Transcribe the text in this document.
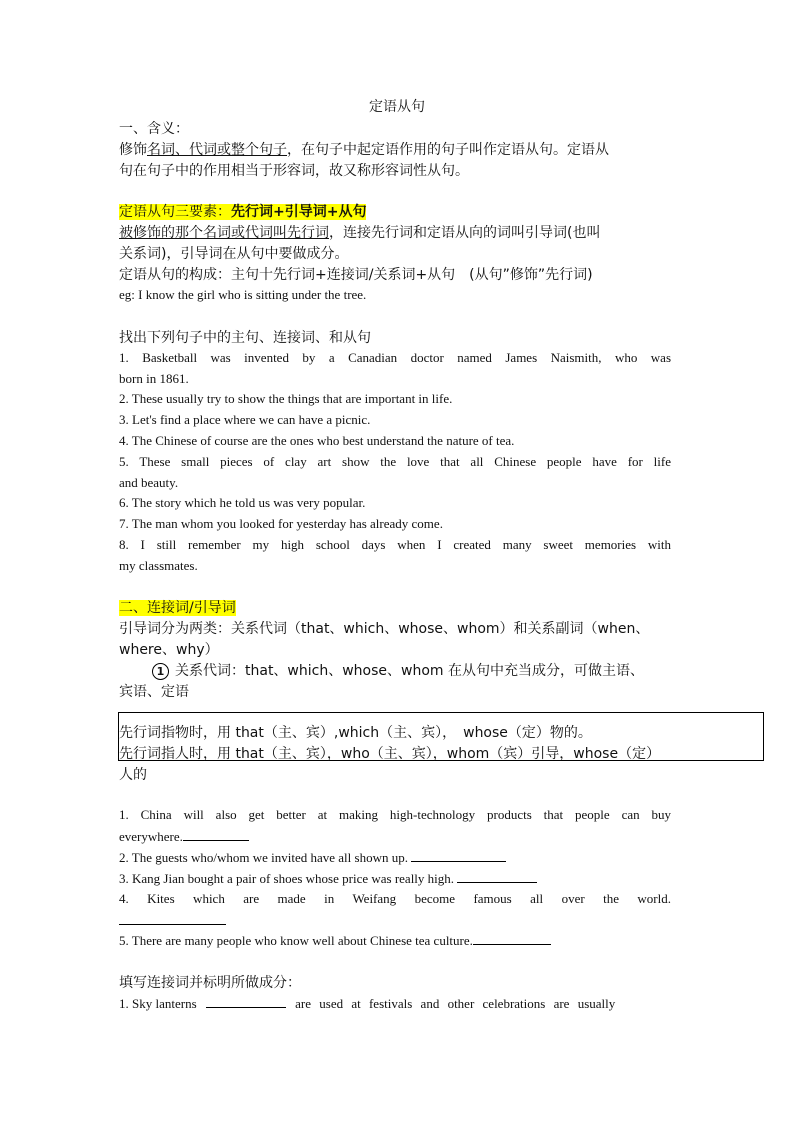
定语从句
一、含义：
修饰名词、代词或整个句子，在句子中起定语作用的句子叫作定语从句。定语从
句在句子中的作用相当于形容词，故又称形容词性从句。
定语从句三要素：先行词+引导词+从句
被修饰的那个名词或代词叫先行词，连接先行词和定语从向的词叫引导词(也叫
关系词)，引导词在从句中要做成分。
定语从句的构成：主句十先行词+连接词/关系词+从句　(从句”修饰”先行词)
eg: I know the girl who is sitting under the tree.
找出下列句子中的主句、连接词、和从句
1. Basketball was invented by a Canadian doctor named James Naismith, who was
born in 1861.
2. These usually try to show the things that are important in life.
3. Let's find a place where we can have a picnic.
4. The Chinese of course are the ones who best understand the nature of tea.
5. These small pieces of clay art show the love that all Chinese people have for life
and beauty.
6. The story which he told us was very popular.
7. The man whom you looked for yesterday has already come.
8. I still remember my high school days when I created many sweet memories with
my classmates.
二、连接词/引导词
引导词分为两类：关系代词（that、which、whose、whom）和关系副词（when、
where、why）
1 关系代词：that、which、whose、whom 在从句中充当成分，可做主语、
宾语、定语
先行词指物时，用 that（主、宾）,which（主、宾），　whose（定）物的。
先行词指人时，用 that（主、宾），who（主、宾），whom（宾）引导，whose（定）
人的
1. China will also get better at making high-technology products that people can buy
everywhere.
2. The guests who/whom we invited have all shown up.
3. Kang Jian bought a pair of shoes whose price was really high.
4. Kites which are made in Weifang become famous all over the world.
5. There are many people who know well about Chinese tea culture.
填写连接词并标明所做成分：
1. Sky lanterns	are used at festivals and other celebrations are usually
